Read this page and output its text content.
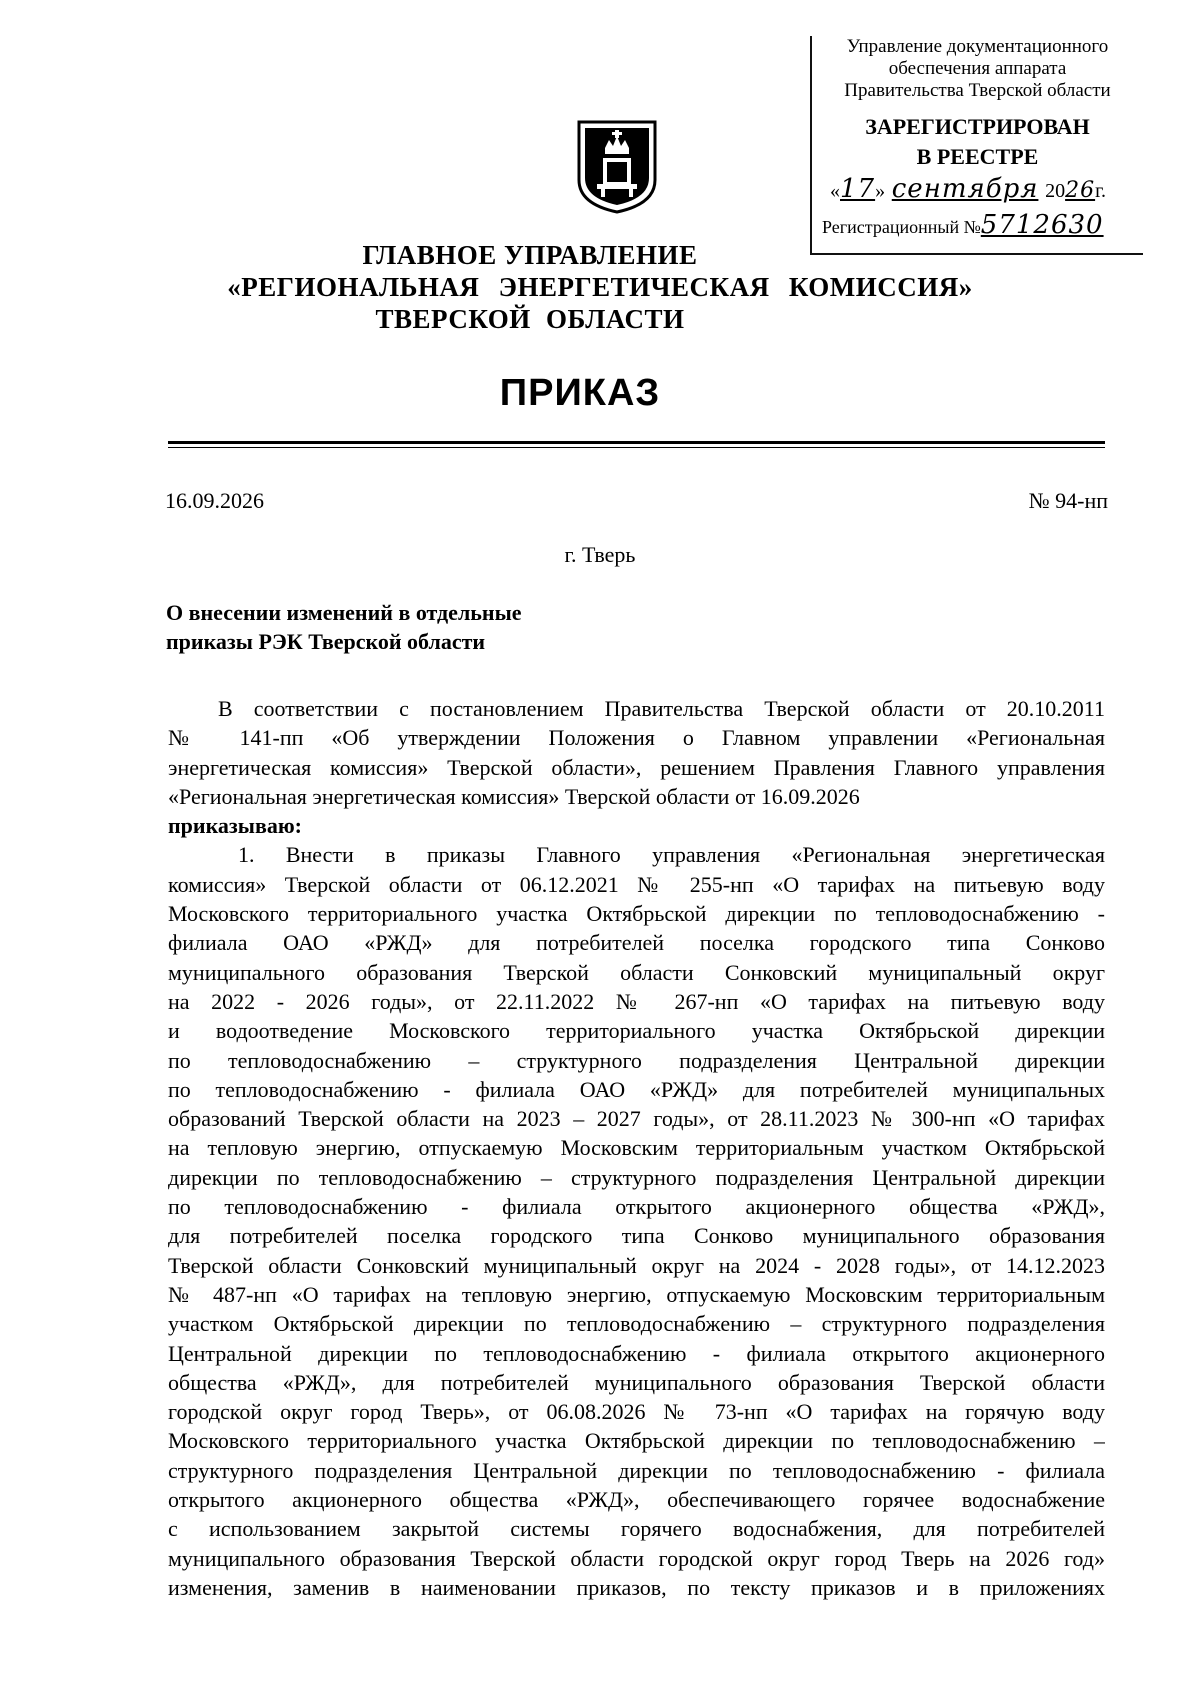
Управление документационного
обеспечения аппарата
Правительства Тверской области
ЗАРЕГИСТРИРОВАН
В РЕЕСТРЕ
«17» сентября 2026г.
Регистрационный №5712630
ГЛАВНОЕ УПРАВЛЕНИЕ
«РЕГИОНАЛЬНАЯ ЭНЕРГЕТИЧЕСКАЯ КОМИССИЯ»
ТВЕРСКОЙ ОБЛАСТИ
ПРИКАЗ
16.09.2026	№ 94-нп
г. Тверь
О внесении изменений в отдельные
приказы РЭК Тверской области
В соответствии с постановлением Правительства Тверской области от 20.10.2011
№ 141-пп «Об утверждении Положения о Главном управлении «Региональная
энергетическая комиссия» Тверской области», решением Правления Главного управления
«Региональная энергетическая комиссия» Тверской области от 16.09.2026
приказываю:
1. Внести в приказы Главного управления «Региональная энергетическая
комиссия» Тверской области от 06.12.2021 № 255-нп «О тарифах на питьевую воду
Московского территориального участка Октябрьской дирекции по тепловодоснабжению -
филиала ОАО «РЖД» для потребителей поселка городского типа Сонково
муниципального образования Тверской области Сонковский муниципальный округ
на 2022 - 2026 годы», от 22.11.2022 № 267-нп «О тарифах на питьевую воду
и водоотведение Московского территориального участка Октябрьской дирекции
по тепловодоснабжению – структурного подразделения Центральной дирекции
по тепловодоснабжению - филиала ОАО «РЖД» для потребителей муниципальных
образований Тверской области на 2023 – 2027 годы», от 28.11.2023 № 300-нп «О тарифах
на тепловую энергию, отпускаемую Московским территориальным участком Октябрьской
дирекции по тепловодоснабжению – структурного подразделения Центральной дирекции
по тепловодоснабжению - филиала открытого акционерного общества «РЖД»,
для потребителей поселка городского типа Сонково муниципального образования
Тверской области Сонковский муниципальный округ на 2024 - 2028 годы», от 14.12.2023
№ 487-нп «О тарифах на тепловую энергию, отпускаемую Московским территориальным
участком Октябрьской дирекции по тепловодоснабжению – структурного подразделения
Центральной дирекции по тепловодоснабжению - филиала открытого акционерного
общества «РЖД», для потребителей муниципального образования Тверской области
городской округ город Тверь», от 06.08.2026 № 73-нп «О тарифах на горячую воду
Московского территориального участка Октябрьской дирекции по тепловодоснабжению –
структурного подразделения Центральной дирекции по тепловодоснабжению - филиала
открытого акционерного общества «РЖД», обеспечивающего горячее водоснабжение
с использованием закрытой системы горячего водоснабжения, для потребителей
муниципального образования Тверской области городской округ город Тверь на 2026 год»
изменения, заменив в наименовании приказов, по тексту приказов и в приложениях
